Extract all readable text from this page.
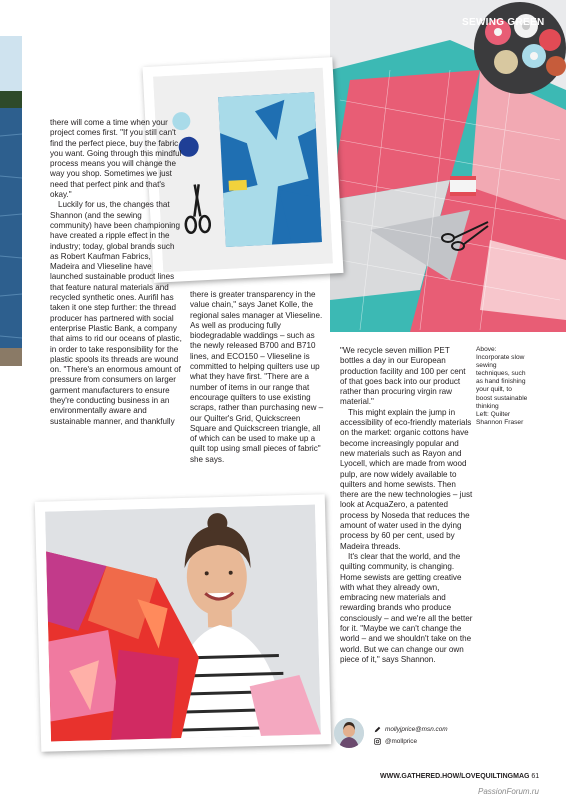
SEWING GREEN

there will come a time when your project comes first. "If you still can't find the perfect piece, buy the fabric you want. Going through this mindful process means you will change the way you shop. Sometimes we just need that perfect pink and that's okay."

Luckily for us, the changes that Shannon (and the sewing community) have been championing have created a ripple effect in the industry; today, global brands such as Robert Kaufman Fabrics, Madeira and Vlieseline have launched sustainable product lines that feature natural materials and recycled synthetic ones. Aurifil has taken it one step further: the thread producer has partnered with social enterprise Plastic Bank, a company that aims to rid our oceans of plastic, in order to take responsibility for the plastic spools its threads are wound on. "There's an enormous amount of pressure from consumers on larger garment manufacturers to ensure they're conducting business in an environmentally aware and sustainable manner, and thankfully

there is greater transparency in the value chain," says Janet Kolle, the regional sales manager at Vlieseline. As well as producing fully biodegradable waddings – such as the newly released B700 and B710 lines, and ECO150 – Vlieseline is committed to helping quilters use up what they have first. "There are a number of items in our range that encourage quilters to use existing scraps, rather than purchasing new – our Quilter's Grid, Quickscreen Square and Quickscreen triangle, all of which can be used to make up a quilt top using small pieces of fabric" she says.

"We recycle seven million PET bottles a day in our European production facility and 100 per cent of that goes back into our product rather than procuring virgin raw material."

This might explain the jump in accessibility of eco-friendly materials on the market: organic cottons have become increasingly popular and new materials such as Rayon and Lyocell, which are made from wood pulp, are now widely available to quilters and home sewists. Then there are the new technologies – just look at AcquaZero, a patented process by Noseda that reduces the amount of water used in the dying process by 60 per cent, used by Madeira threads.

It's clear that the world, and the quilting community, is changing. Home sewists are getting creative with what they already own, embracing new materials and rewarding brands who produce consciously – and we're all the better for it. "Maybe we can't change the world – and we shouldn't take on the world. But we can change our own piece of it," says Shannon.

Above:

Incorporate slow

sewing

techniques, such

as hand finishing

your quilt, to

boost sustainable

thinking

Left: Quilter

Shannon Fraser

mollyjprice@msn.com
@mollprice
WWW.GATHERED.HOW/LOVEQUILTINGMAG 61
PassionForum.ru
